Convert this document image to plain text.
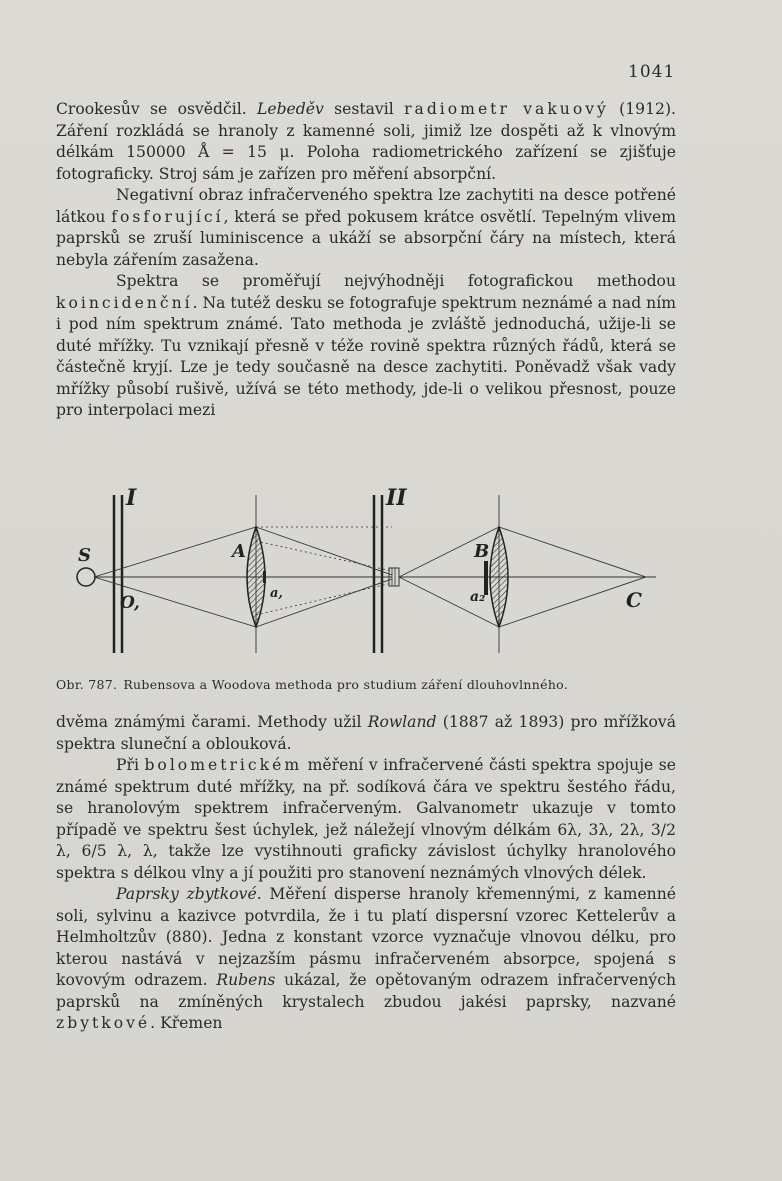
1041

Crookesův se osvědčil. Lebeděv sestavil radiometr vakuový (1912). Záření rozkládá se hranoly z kamenné soli, jimiž lze dospěti až k vlnovým délkám 150000 Å = 15 μ. Poloha radiometrického zařízení se zjišťuje fotograficky. Stroj sám je zařízen pro měření absorpční.

Negativní obraz infračerveného spektra lze zachytiti na desce potřené látkou fosforující, která se před pokusem krátce osvětlí. Tepelným vlivem paprsků se zruší luminiscence a ukáží se absorpční čáry na místech, která nebyla zářením zasažena.

Spektra se proměřují nejvýhodněji fotografickou methodou koincidenční. Na tutéž desku se fotografuje spektrum neznámé a nad ním i pod ním spektrum známé. Tato methoda je zvláště jednoduchá, užije-li se duté mřížky. Tu vznikají přesně v téže rovině spektra různých řádů, která se částečně kryjí. Lze je tedy současně na desce zachytiti. Poněvadž však vady mřížky působí rušivě, užívá se této methody, jde-li o velikou přesnost, pouze pro interpolaci mezi

I	II
S
O,
A
a,
B
a₂	C
Obr. 787. Rubensova a Woodova methoda pro studium záření dlouhovlnného.

dvěma známými čarami. Methody užil Rowland (1887 až 1893) pro mřížková spektra sluneční a oblouková.

Při bolometrickém měření v infračervené části spektra spojuje se známé spektrum duté mřížky, na př. sodíková čára ve spektru šestého řádu, se hranolovým spektrem infračerveným. Galvanometr ukazuje v tomto případě ve spektru šest úchylek, jež náležejí vlnovým délkám 6λ, 3λ, 2λ, 3/2 λ, 6/5 λ, λ, takže lze vystihnouti graficky závislost úchylky hranolového spektra s délkou vlny a jí použiti pro stanovení neznámých vlnových délek.

Paprsky zbytkové. Měření disperse hranoly křemennými, z kamenné soli, sylvinu a kazivce potvrdila, že i tu platí dispersní vzorec Kettelerův a Helmholtzův (880). Jedna z konstant vzorce vyznačuje vlnovou délku, pro kterou nastává v nejzazším pásmu infračerveném absorpce, spojená s kovovým odrazem. Rubens ukázal, že opětovaným odrazem infračervených paprsků na zmíněných krystalech zbudou jakési paprsky, nazvané zbytkové. Křemen
